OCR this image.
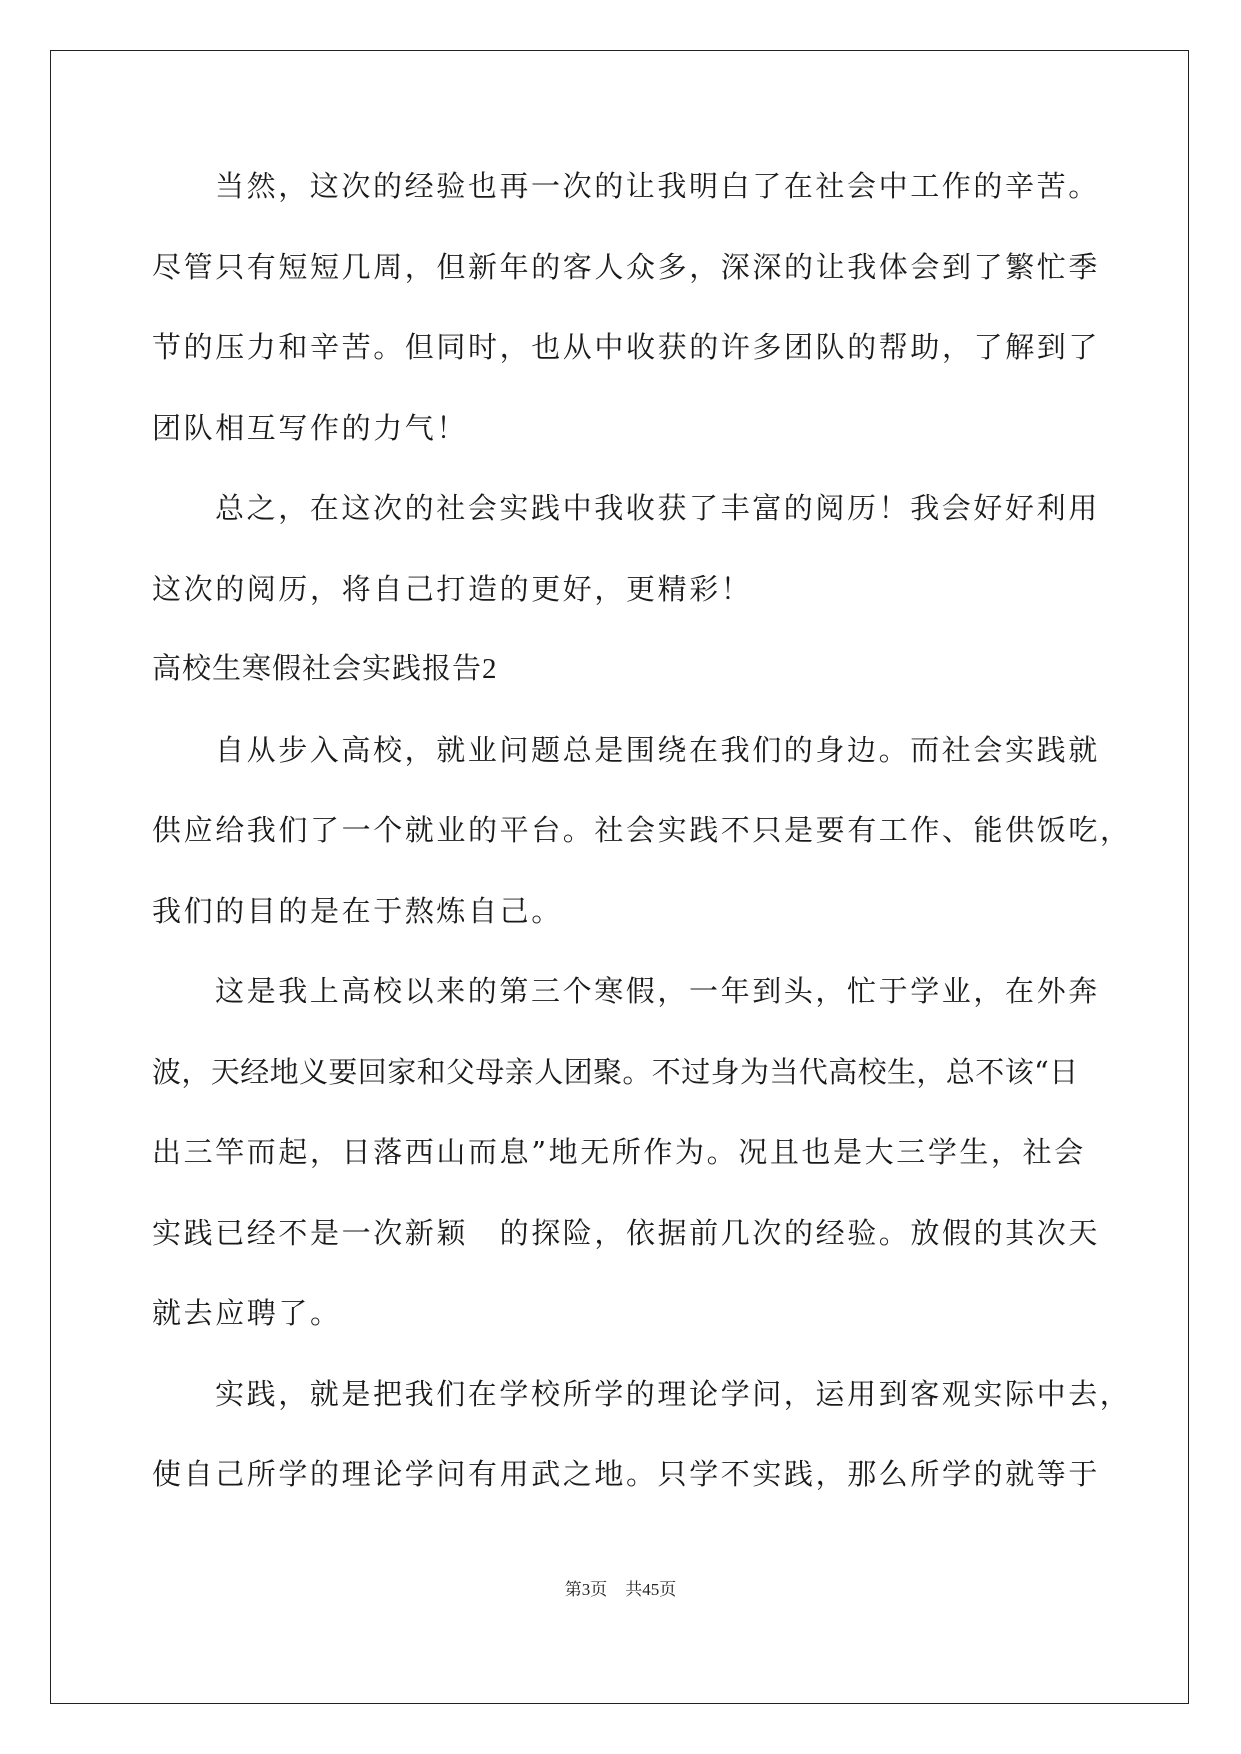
当然，这次的经验也再一次的让我明白了在社会中工作的辛苦。
尽管只有短短几周，但新年的客人众多，深深的让我体会到了繁忙季
节的压力和辛苦。但同时，也从中收获的许多团队的帮助，了解到了
团队相互写作的力气！
总之，在这次的社会实践中我收获了丰富的阅历！我会好好利用
这次的阅历，将自己打造的更好，更精彩！
高校生寒假社会实践报告2
自从步入高校，就业问题总是围绕在我们的身边。而社会实践就
供应给我们了一个就业的平台。社会实践不只是要有工作、能供饭吃，
我们的目的是在于熬炼自己。
这是我上高校以来的第三个寒假，一年到头，忙于学业，在外奔
波，天经地义要回家和父母亲人团聚。不过身为当代高校生，总不该“日
出三竿而起，日落西山而息”地无所作为。况且也是大三学生，社会
实践已经不是一次新颖　的探险，依据前几次的经验。放假的其次天
就去应聘了。
实践，就是把我们在学校所学的理论学问，运用到客观实际中去，
使自己所学的理论学问有用武之地。只学不实践，那么所学的就等于
第3页 共45页
